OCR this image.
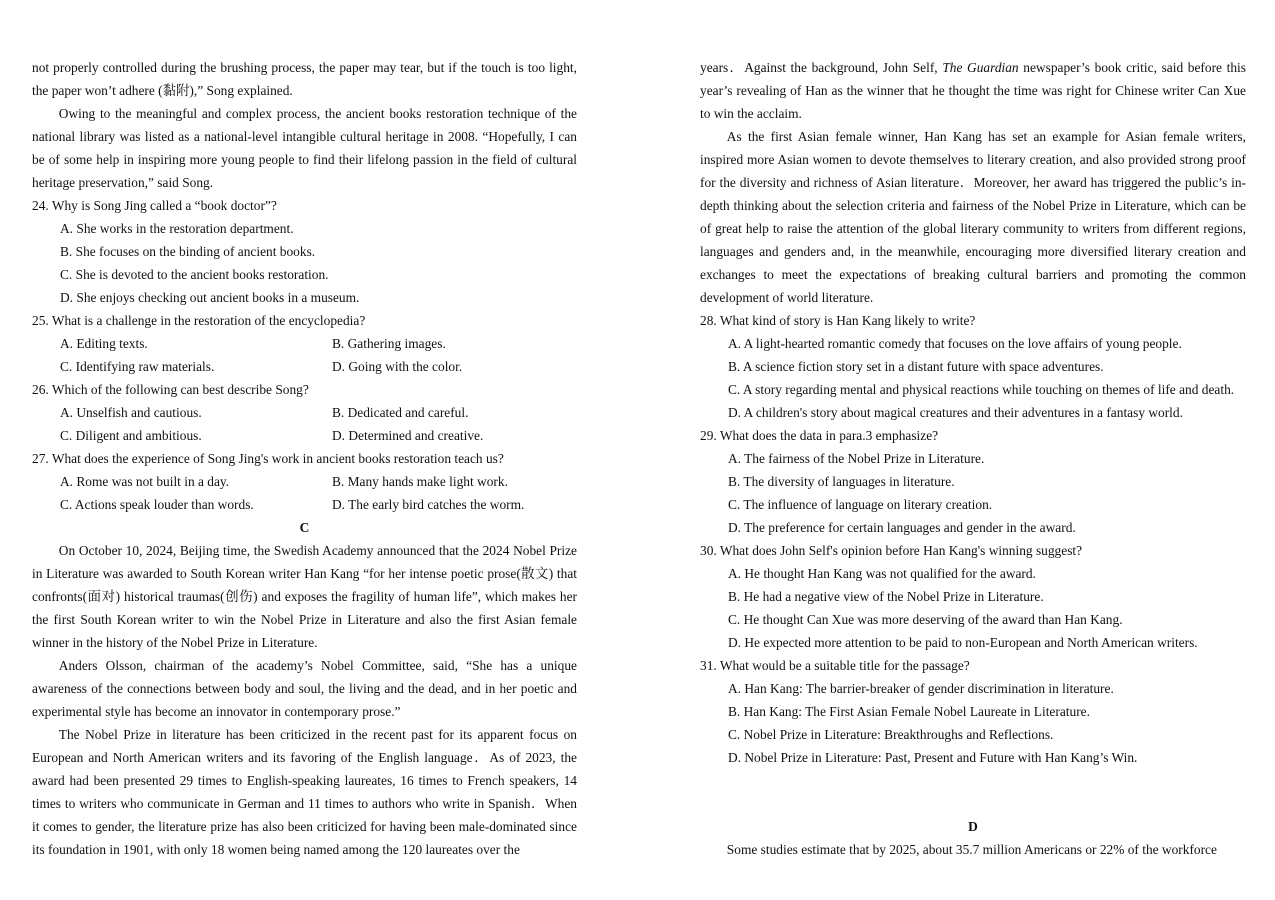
not properly controlled during the brushing process, the paper may tear, but if the touch is too light, the paper won’t adhere (黏附),” Song explained.

Owing to the meaningful and complex process, the ancient books restoration technique of the national library was listed as a national-level intangible cultural heritage in 2008. “Hopefully, I can be of some help in inspiring more young people to find their lifelong passion in the field of cultural heritage preservation,” said Song.

24. Why is Song Jing called a “book doctor”?

A. She works in the restoration department.

B. She focuses on the binding of ancient books.

C. She is devoted to the ancient books restoration.

D. She enjoys checking out ancient books in a museum.

25. What is a challenge in the restoration of the encyclopedia?

A. Editing texts.	B. Gathering images.
C. Identifying raw materials.	D. Going with the color.

26. Which of the following can best describe Song?

A. Unselfish and cautious.	B. Dedicated and careful.
C. Diligent and ambitious.	D. Determined and creative.

27. What does the experience of Song Jing's work in ancient books restoration teach us?

A. Rome was not built in a day.	B. Many hands make light work.
C. Actions speak louder than words.	D. The early bird catches the worm.

C

On October 10, 2024, Beijing time, the Swedish Academy announced that the 2024 Nobel Prize in Literature was awarded to South Korean writer Han Kang “for her intense poetic prose(散文) that confronts(面对) historical traumas(创伤) and exposes the fragility of human life”, which makes her the first South Korean writer to win the Nobel Prize in Literature and also the first Asian female winner in the history of the Nobel Prize in Literature.

Anders Olsson, chairman of the academy’s Nobel Committee, said, “She has a unique awareness of the connections between body and soul, the living and the dead, and in her poetic and experimental style has become an innovator in contemporary prose.”

The Nobel Prize in literature has been criticized in the recent past for its apparent focus on European and North American writers and its favoring of the English language．As of 2023, the award had been presented 29 times to English-speaking laureates, 16 times to French speakers, 14 times to writers who communicate in German and 11 times to authors who write in Spanish．When it comes to gender, the literature prize has also been criticized for having been male-dominated since its foundation in 1901, with only 18 women being named among the 120 laureates over the

years．Against the background, John Self, The Guardian newspaper’s book critic, said before this year’s revealing of Han as the winner that he thought the time was right for Chinese writer Can Xue to win the acclaim.

As the first Asian female winner, Han Kang has set an example for Asian female writers, inspired more Asian women to devote themselves to literary creation, and also provided strong proof for the diversity and richness of Asian literature．Moreover, her award has triggered the public’s in-depth thinking about the selection criteria and fairness of the Nobel Prize in Literature, which can be of great help to raise the attention of the global literary community to writers from different regions, languages and genders and, in the meanwhile, encouraging more diversified literary creation and exchanges to meet the expectations of breaking cultural barriers and promoting the common development of world literature.

28. What kind of story is Han Kang likely to write?

A. A light-hearted romantic comedy that focuses on the love affairs of young people.

B. A science fiction story set in a distant future with space adventures.

C. A story regarding mental and physical reactions while touching on themes of life and death.

D. A children's story about magical creatures and their adventures in a fantasy world.

29. What does the data in para.3 emphasize?

A. The fairness of the Nobel Prize in Literature.

B. The diversity of languages in literature.

C. The influence of language on literary creation.

D. The preference for certain languages and gender in the award.

30. What does John Self's opinion before Han Kang's winning suggest?

A. He thought Han Kang was not qualified for the award.

B. He had a negative view of the Nobel Prize in Literature.

C. He thought Can Xue was more deserving of the award than Han Kang.

D. He expected more attention to be paid to non-European and North American writers.

31. What would be a suitable title for the passage?

A. Han Kang: The barrier-breaker of gender discrimination in literature.

B. Han Kang: The First Asian Female Nobel Laureate in Literature.

C. Nobel Prize in Literature: Breakthroughs and Reflections.

D. Nobel Prize in Literature: Past, Present and Future with Han Kang’s Win.

D

Some studies estimate that by 2025, about 35.7 million Americans or 22% of the workforce
